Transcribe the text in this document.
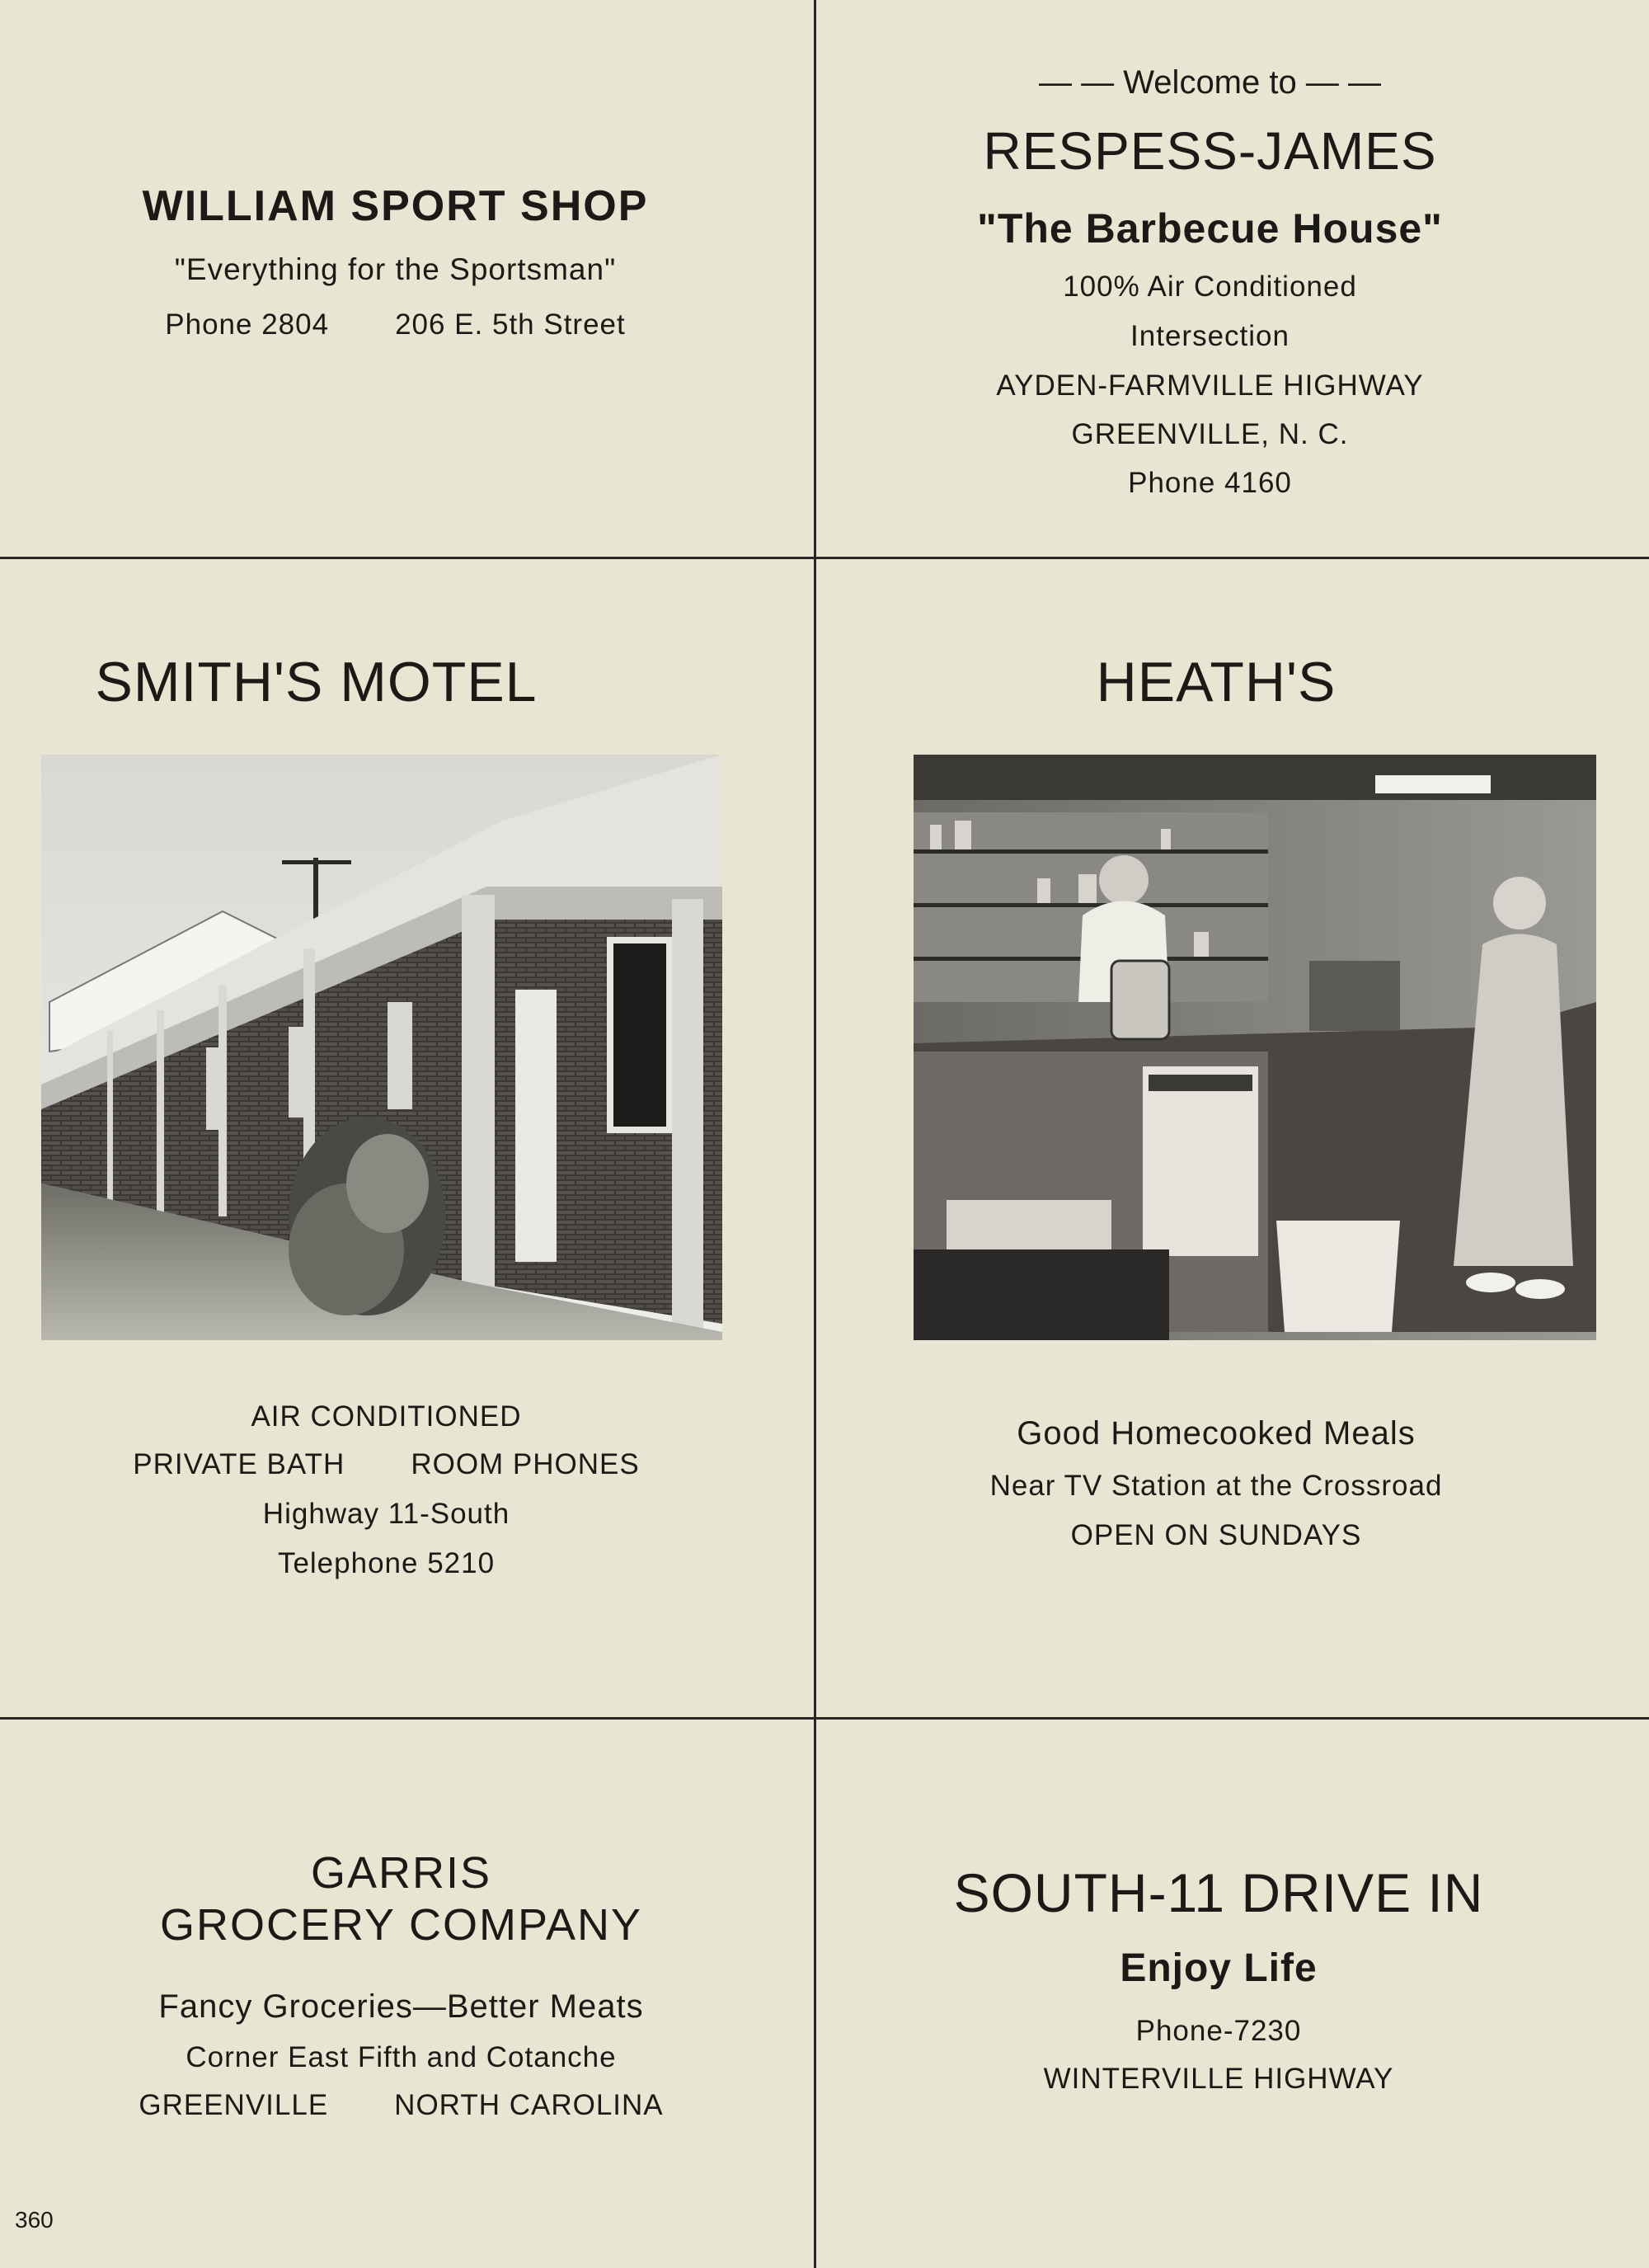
WILLIAM SPORT SHOP
"Everything for the Sportsman"
Phone 2804 206 E. 5th Street
— — Welcome to — —
RESPESS-JAMES
"The Barbecue House"
100% Air Conditioned
Intersection
AYDEN-FARMVILLE HIGHWAY
GREENVILLE, N. C.
Phone 4160
SMITH'S MOTEL
AIR CONDITIONED
PRIVATE BATH ROOM PHONES
Highway 11-South
Telephone 5210
HEATH'S
Good Homecooked Meals
Near TV Station at the Crossroad
OPEN ON SUNDAYS
GARRIS
GROCERY COMPANY
Fancy Groceries—Better Meats
Corner East Fifth and Cotanche
GREENVILLE NORTH CAROLINA
SOUTH-11 DRIVE IN
Enjoy Life
Phone-7230
WINTERVILLE HIGHWAY
360
